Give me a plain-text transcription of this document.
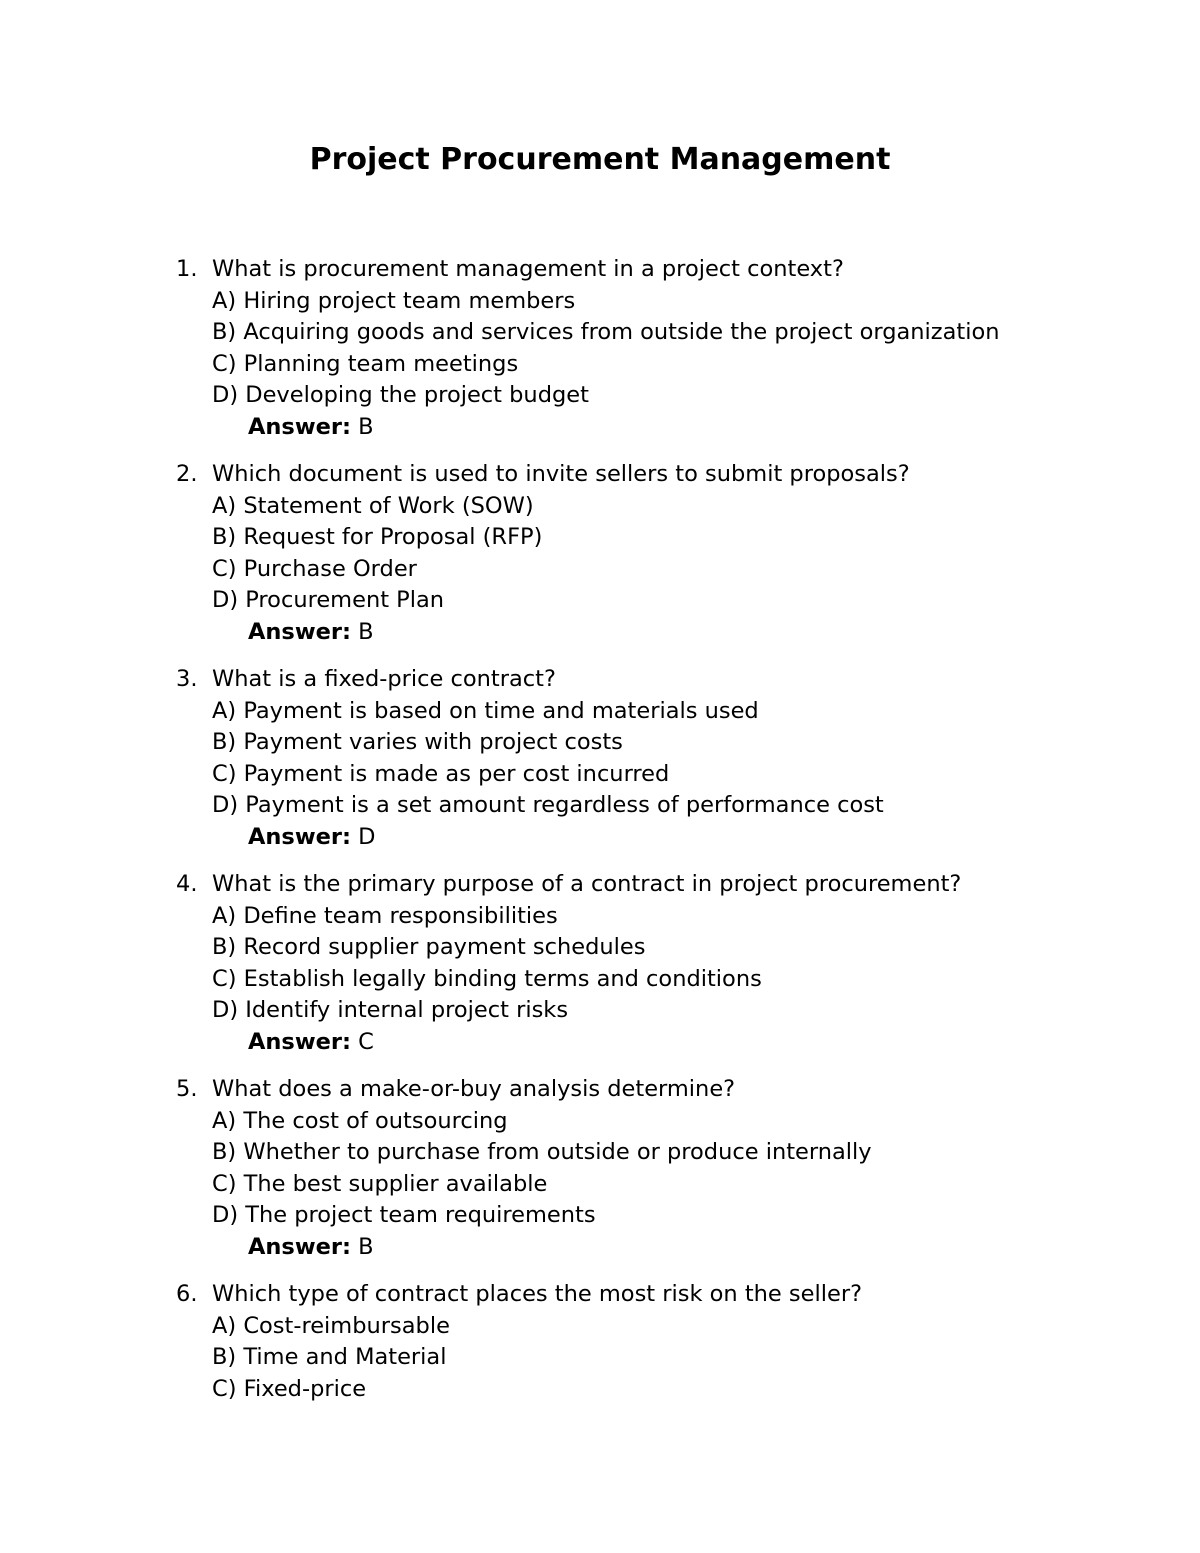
Project Procurement Management
1. What is procurement management in a project context?
A) Hiring project team members
B) Acquiring goods and services from outside the project organization
C) Planning team meetings
D) Developing the project budget
Answer: B
2. Which document is used to invite sellers to submit proposals?
A) Statement of Work (SOW)
B) Request for Proposal (RFP)
C) Purchase Order
D) Procurement Plan
Answer: B
3. What is a fixed-price contract?
A) Payment is based on time and materials used
B) Payment varies with project costs
C) Payment is made as per cost incurred
D) Payment is a set amount regardless of performance cost
Answer: D
4. What is the primary purpose of a contract in project procurement?
A) Define team responsibilities
B) Record supplier payment schedules
C) Establish legally binding terms and conditions
D) Identify internal project risks
Answer: C
5. What does a make-or-buy analysis determine?
A) The cost of outsourcing
B) Whether to purchase from outside or produce internally
C) The best supplier available
D) The project team requirements
Answer: B
6. Which type of contract places the most risk on the seller?
A) Cost-reimbursable
B) Time and Material
C) Fixed-price
